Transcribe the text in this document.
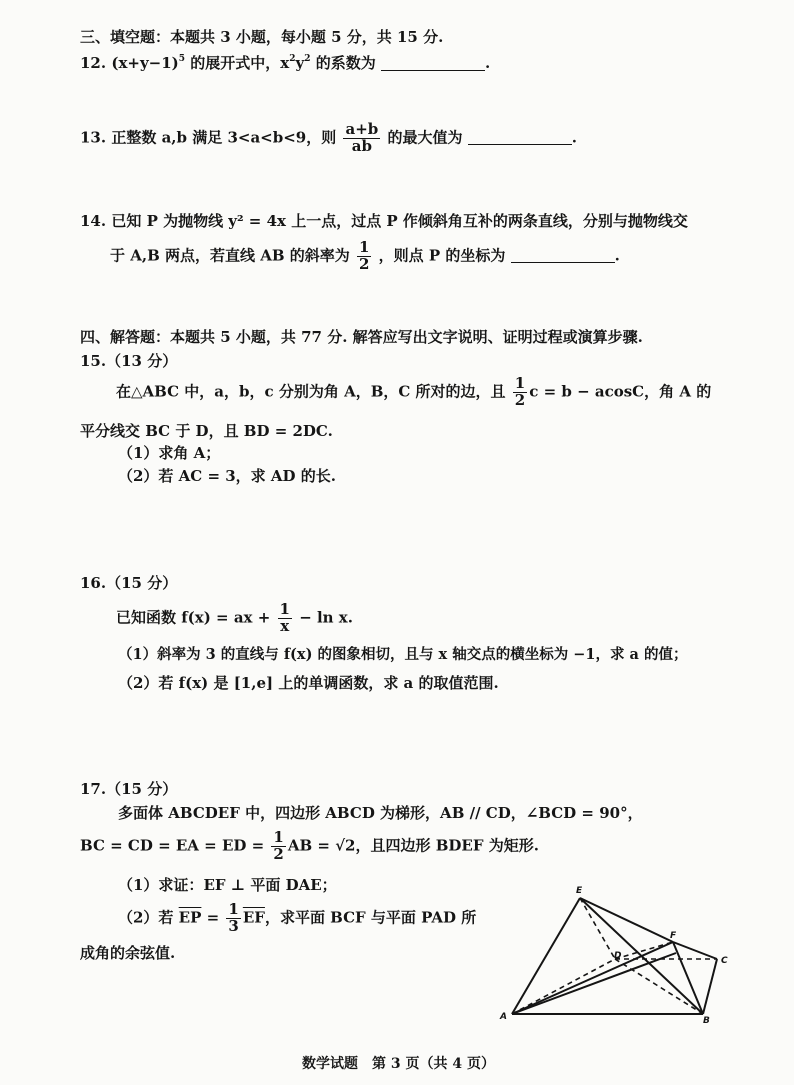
三、填空题：本题共 3 小题，每小题 5 分，共 15 分.
12. $(x+y-1)^5$ 的展开式中，$x^2y^2$ 的系数为	.
13. 正整数 a,b 满足 3<a<b<9，则 $\frac{a+b}{ab}$ 的最大值为	.
14. 已知 P 为抛物线 y² = 4x 上一点，过点 P 作倾斜角互补的两条直线，分别与抛物线交
于 A,B 两点，若直线 AB 的斜率为 $\frac{1}{2}$ ，则点 P 的坐标为	.
四、解答题：本题共 5 小题，共 77 分. 解答应写出文字说明、证明过程或演算步骤.
15.（13 分）
在△ABC 中，a，b，c 分别为角 A，B，C 所对的边，且 $\frac{1}{2}$ c = b − acosC，角 A 的
平分线交 BC 于 D，且 BD = 2DC.
（1）求角 A；
（2）若 AC = 3，求 AD 的长.
16.（15 分）
已知函数 f(x) = ax + $\frac{1}{x} - \ln x$.
（1）斜率为 3 的直线与 f(x) 的图象相切，且与 x 轴交点的横坐标为 −1，求 a 的值；
（2）若 f(x) 是 [1,e] 上的单调函数，求 a 的取值范围.
17.（15 分）
多面体 ABCDEF 中，四边形 ABCD 为梯形，AB // CD，∠BCD = 90°，
BC = CD = EA = ED = $\frac{1}{2}$ AB = √2，且四边形 BDEF 为矩形.
（1）求证：EF ⊥ 平面 DAE；
（2）若 $\overline{EP} = \frac{1}{3} \overline{EF}$，求平面 BCF 与平面 PAD 所
成角的余弦值.
E
F
D	C
A	B
数学试题　第 3 页（共 4 页）
